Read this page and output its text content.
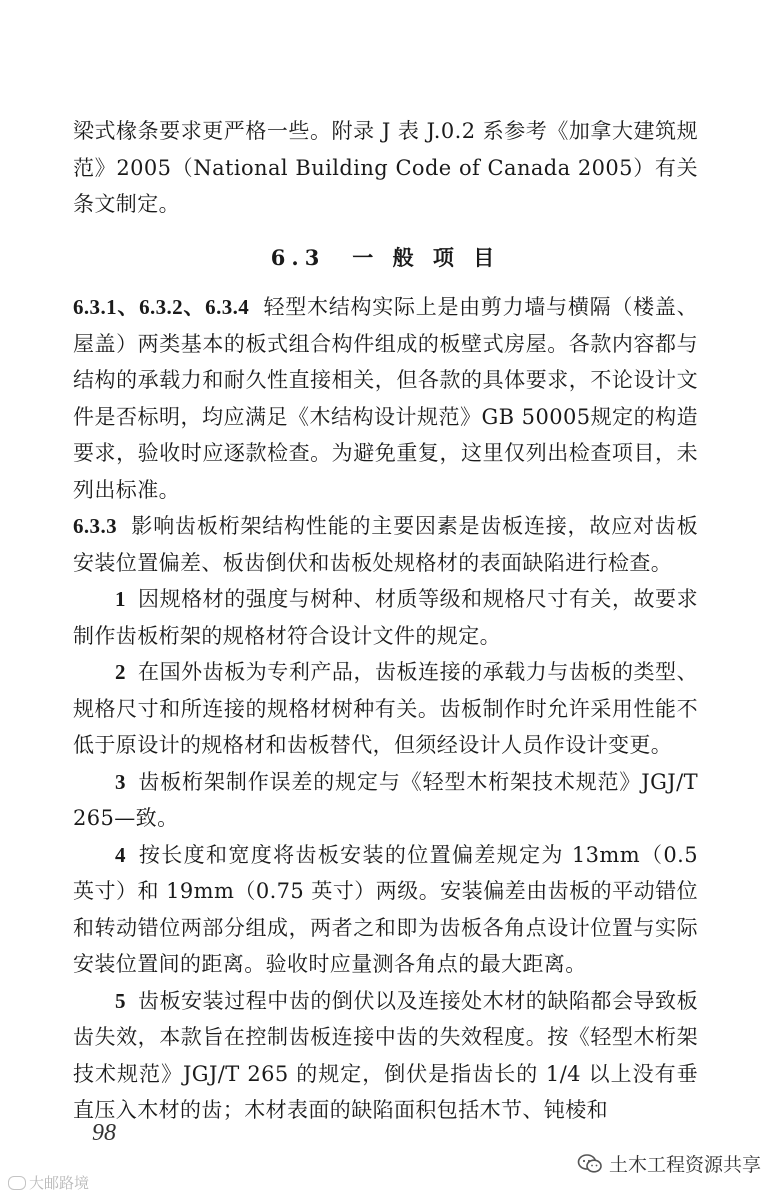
梁式椽条要求更严格一些。附录 J 表 J.0.2 系参考《加拿大建筑规范》2005（National Building Code of Canada 2005）有关条文制定。

6.3　一 般 项 目

6.3.1、6.3.2、6.3.4 轻型木结构实际上是由剪力墙与横隔（楼盖、屋盖）两类基本的板式组合构件组成的板壁式房屋。各款内容都与结构的承载力和耐久性直接相关，但各款的具体要求，不论设计文件是否标明，均应满足《木结构设计规范》GB 50005规定的构造要求，验收时应逐款检查。为避免重复，这里仅列出检查项目，未列出标准。

6.3.3 影响齿板桁架结构性能的主要因素是齿板连接，故应对齿板安装位置偏差、板齿倒伏和齿板处规格材的表面缺陷进行检查。

1 因规格材的强度与树种、材质等级和规格尺寸有关，故要求制作齿板桁架的规格材符合设计文件的规定。

2 在国外齿板为专利产品，齿板连接的承载力与齿板的类型、规格尺寸和所连接的规格材树种有关。齿板制作时允许采用性能不低于原设计的规格材和齿板替代，但须经设计人员作设计变更。

3 齿板桁架制作误差的规定与《轻型木桁架技术规范》JGJ/T 265—致。

4 按长度和宽度将齿板安装的位置偏差规定为 13mm（0.5 英寸）和 19mm（0.75 英寸）两级。安装偏差由齿板的平动错位和转动错位两部分组成，两者之和即为齿板各角点设计位置与实际安装位置间的距离。验收时应量测各角点的最大距离。

5 齿板安装过程中齿的倒伏以及连接处木材的缺陷都会导致板齿失效，本款旨在控制齿板连接中齿的失效程度。按《轻型木桁架技术规范》JGJ/T 265 的规定，倒伏是指齿长的 1/4 以上没有垂直压入木材的齿；木材表面的缺陷面积包括木节、钝棱和

98
大邮路境
土木工程资源共享
